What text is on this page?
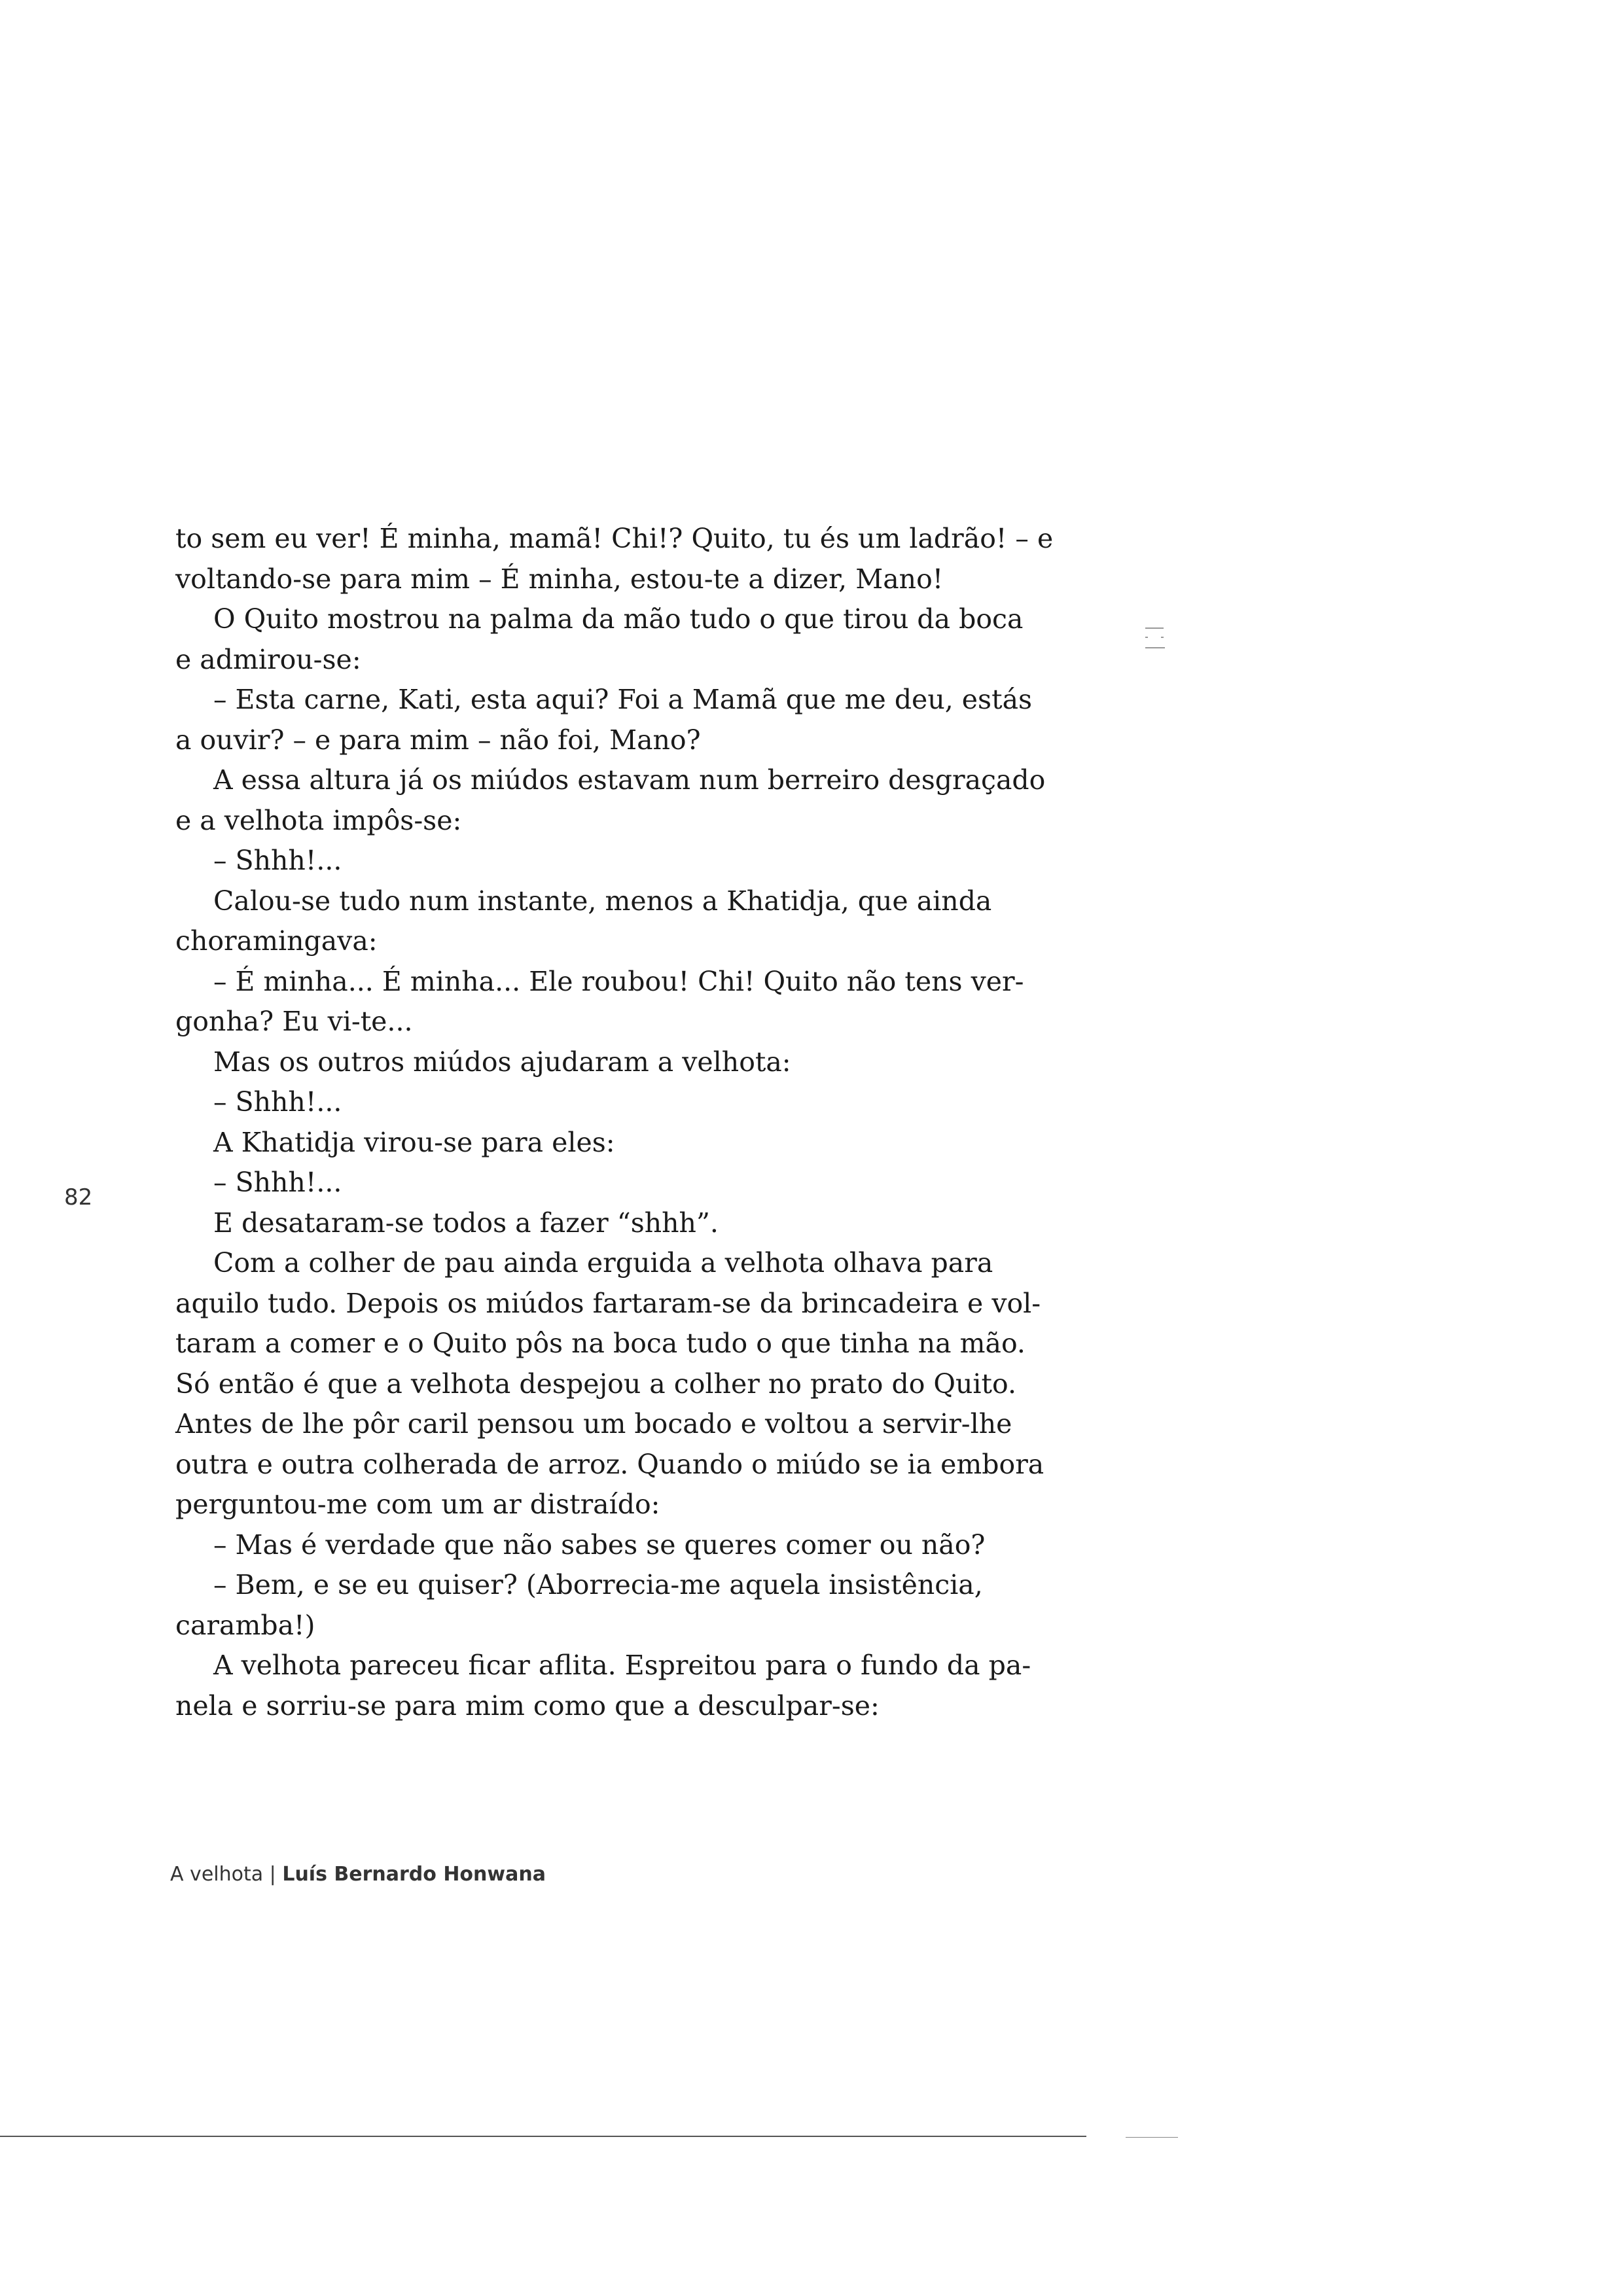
to sem eu ver! É minha, mamã! Chi!? Quito, tu és um ladrão! – e
voltando-se para mim – É minha, estou-te a dizer, Mano!
O Quito mostrou na palma da mão tudo o que tirou da boca
e admirou-se:
– Esta carne, Kati, esta aqui? Foi a Mamã que me deu, estás
a ouvir? – e para mim – não foi, Mano?
A essa altura já os miúdos estavam num berreiro desgraçado
e a velhota impôs-se:
– Shhh!...
Calou-se tudo num instante, menos a Khatidja, que ainda
choramingava:
– É minha... É minha... Ele roubou! Chi! Quito não tens ver-
gonha? Eu vi-te...
Mas os outros miúdos ajudaram a velhota:
– Shhh!...
A Khatidja virou-se para eles:
– Shhh!...
E desataram-se todos a fazer “shhh”.
Com a colher de pau ainda erguida a velhota olhava para
aquilo tudo. Depois os miúdos fartaram-se da brincadeira e vol-
taram a comer e o Quito pôs na boca tudo o que tinha na mão.
Só então é que a velhota despejou a colher no prato do Quito.
Antes de lhe pôr caril pensou um bocado e voltou a servir-lhe
outra e outra colherada de arroz. Quando o miúdo se ia embora
perguntou-me com um ar distraído:
– Mas é verdade que não sabes se queres comer ou não?
– Bem, e se eu quiser? (Aborrecia-me aquela insistência,
caramba!)
A velhota pareceu ficar aflita. Espreitou para o fundo da pa-
nela e sorriu-se para mim como que a desculpar-se:
82
A velhota | Luís Bernardo Honwana
